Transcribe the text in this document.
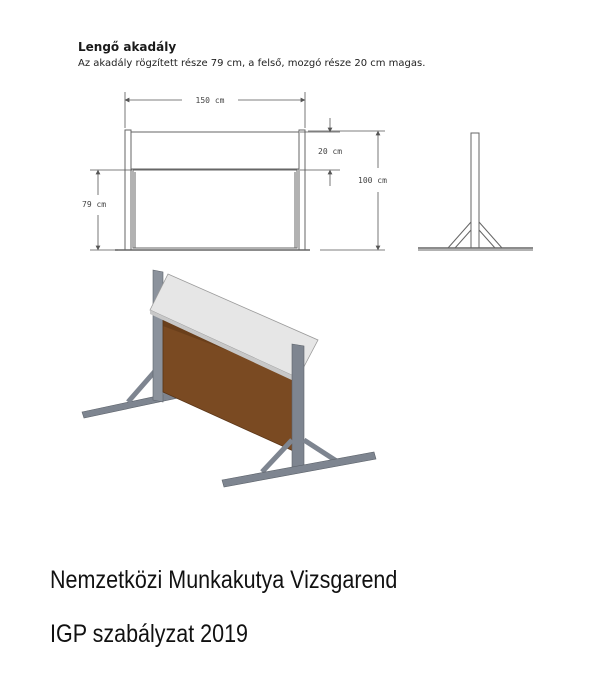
Lengő akadály
Az akadály rögzített része 79 cm, a felső, mozgó része 20 cm magas.
150 cm
20 cm
100 cm
79 cm
Nemzetközi Munkakutya Vizsgarend
IGP szabályzat 2019
